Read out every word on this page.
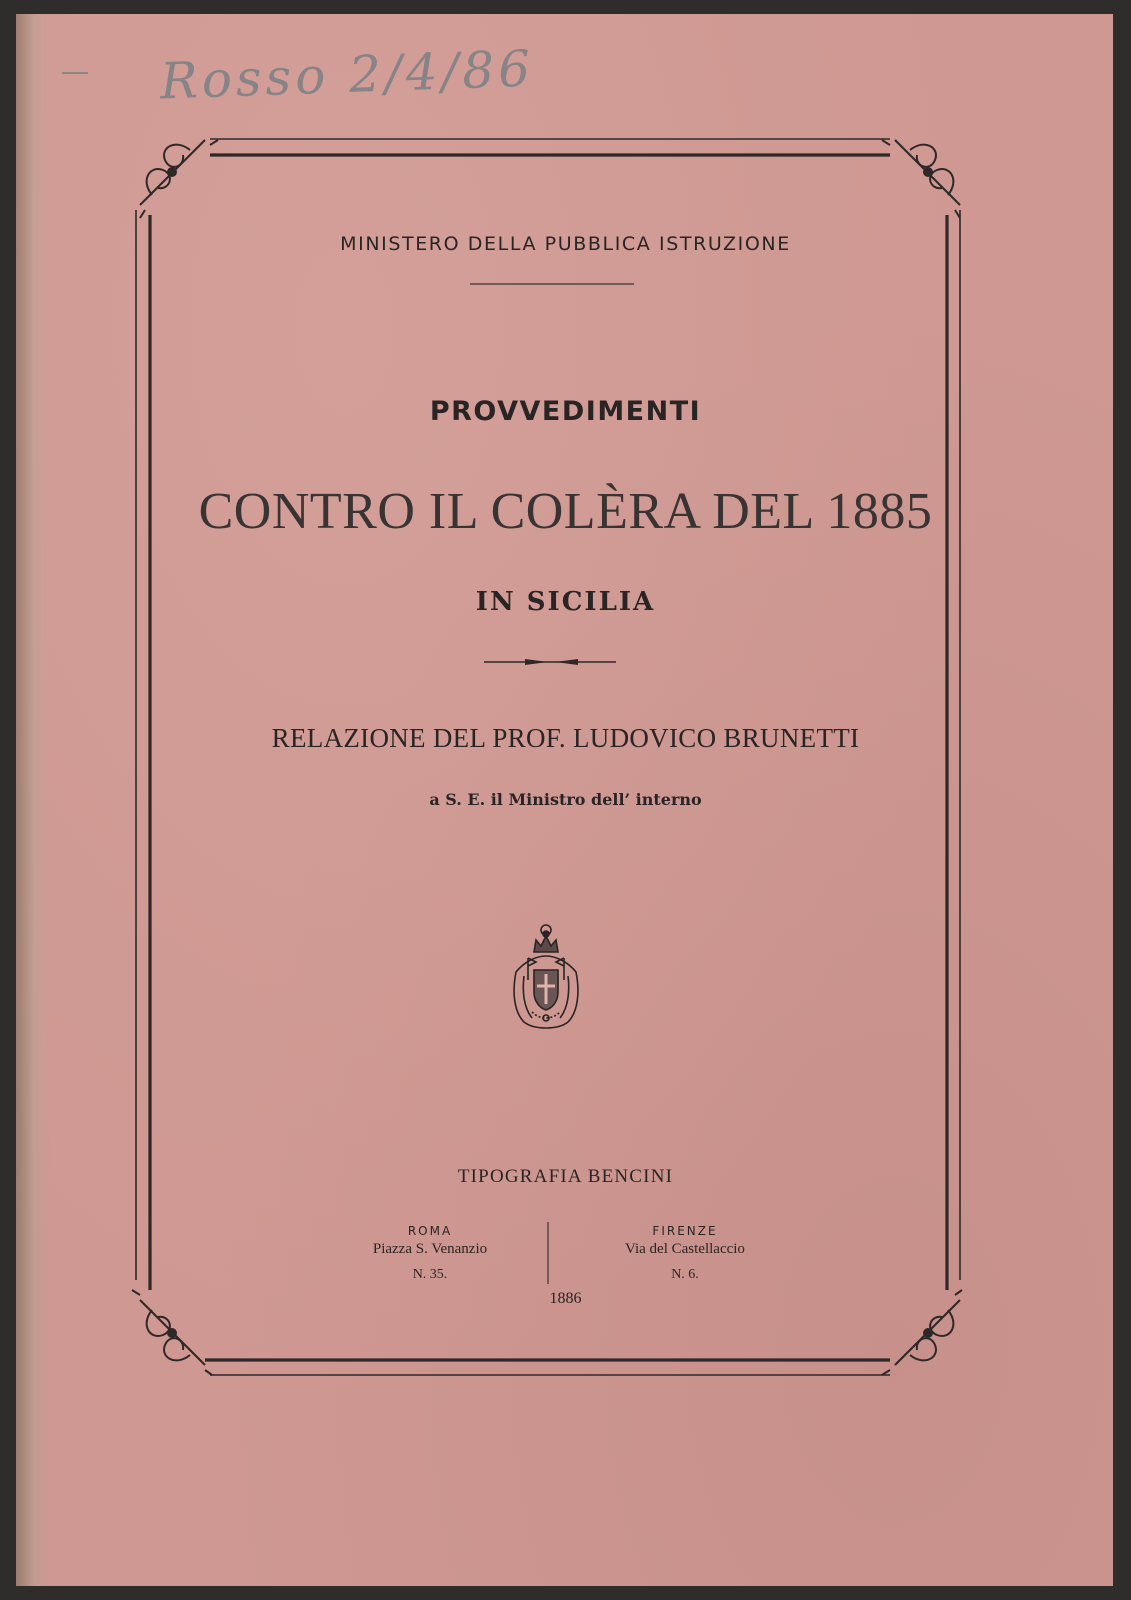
Rosso 2/4/86
MINISTERO DELLA PUBBLICA ISTRUZIONE
PROVVEDIMENTI
CONTRO IL COLÈRA DEL 1885
IN SICILIA
RELAZIONE DEL PROF. LUDOVICO BRUNETTI
a S. E. il Ministro dell’ interno
TIPOGRAFIA BENCINI
ROMA
Piazza S. Venanzio
N. 35.
FIRENZE
Via del Castellaccio
N. 6.
1886
